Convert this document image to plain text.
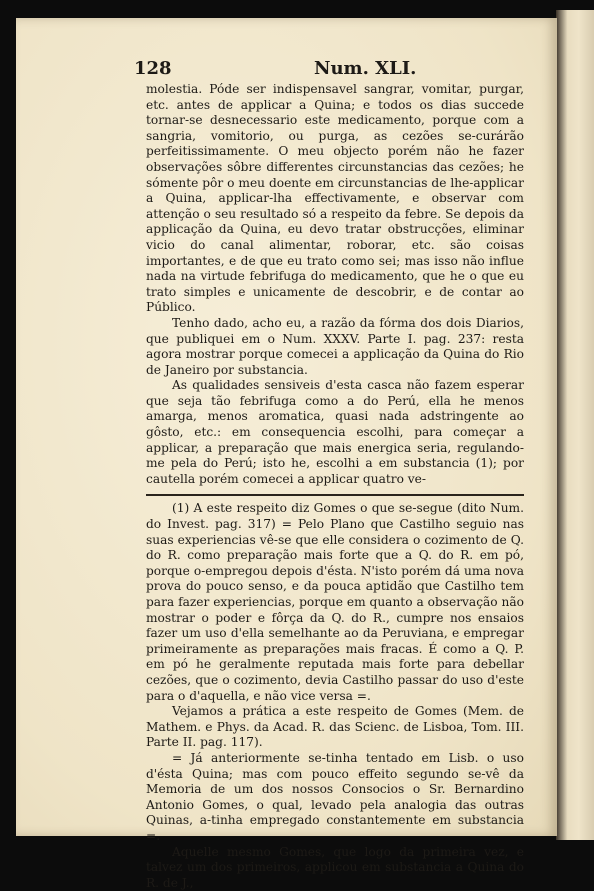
128	Num. XLI.

molestia. Póde ser indispensavel sangrar, vomitar, purgar, etc. antes de applicar a Quina; e todos os dias succede tornar-se desnecessario este medicamento, porque com a sangria, vomitorio, ou purga, as cezões se-curárão perfeitissimamente. O meu objecto porém não he fazer observações sôbre differentes circunstancias das cezões; he sómente pôr o meu doente em circunstancias de lhe-applicar a Quina, applicar-lha effectivamente, e observar com attenção o seu resultado só a respeito da febre. Se depois da applicação da Quina, eu devo tratar obstrucções, eliminar vicio do canal alimentar, roborar, etc. são coisas importantes, e de que eu trato como sei; mas isso não influe nada na virtude febrifuga do medicamento, que he o que eu trato simples e unicamente de descobrir, e de contar ao Público.

Tenho dado, acho eu, a razão da fórma dos dois Diarios, que publiquei em o Num. XXXV. Parte I. pag. 237: resta agora mostrar porque comecei a applicação da Quina do Rio de Janeiro por substancia.

As qualidades sensiveis d'esta casca não fazem esperar que seja tão febrifuga como a do Perú, ella he menos amarga, menos aromatica, quasi nada adstringente ao gôsto, etc.: em consequencia escolhi, para começar a applicar, a preparação que mais energica seria, regulando-me pela do Perú; isto he, escolhi a em substancia (1); por cautella porém comecei a applicar quatro ve-

(1) A este respeito diz Gomes o que se-segue (dito Num. do Invest. pag. 317) = Pelo Plano que Castilho seguio nas suas experiencias vê-se que elle considera o cozimento de Q. do R. como preparação mais forte que a Q. do R. em pó, porque o-empregou depois d'ésta. N'isto porém dá uma nova prova do pouco senso, e da pouca aptidão que Castilho tem para fazer experiencias, porque em quanto a observação não mostrar o poder e fôrça da Q. do R., cumpre nos ensaios fazer um uso d'ella semelhante ao da Peruviana, e empregar primeiramente as preparações mais fracas. É como a Q. P. em pó he geralmente reputada mais forte para debellar cezões, que o cozimento, devia Castilho passar do uso d'este para o d'aquella, e não vice versa =.

Vejamos a prática a este respeito de Gomes (Mem. de Mathem. e Phys. da Acad. R. das Scienc. de Lisboa, Tom. III. Parte II. pag. 117).

= Já anteriormente se-tinha tentado em Lisb. o uso d'ésta Quina; mas com pouco effeito segundo se-vê da Memoria de um dos nossos Consocios o Sr. Bernardino Antonio Gomes, o qual, levado pela analogia das outras Quinas, a-tinha empregado constantemente em substancia =.

Aquelle mesmo Gomes, que logo da primeira vez, e talvez um dos primeiros, applicou em substancia a Quina do R. de J.,
